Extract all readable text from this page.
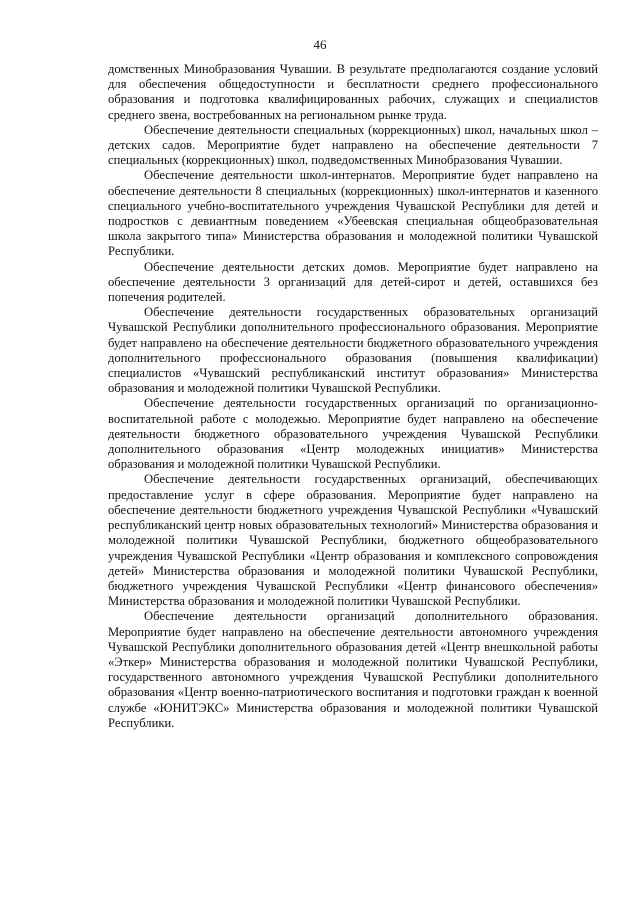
46

домственных Минобразования Чувашии. В результате предполагаются создание условий для обеспечения общедоступности и бесплатности среднего профессионального образования и подготовка квалифицированных рабочих, служащих и специалистов среднего звена, востребованных на региональном рынке труда.

Обеспечение деятельности специальных (коррекционных) школ, начальных школ – детских садов. Мероприятие будет направлено на обеспечение деятельности 7 специальных (коррекционных) школ, подведомственных Минобразования Чувашии.

Обеспечение деятельности школ-интернатов. Мероприятие будет направлено на обеспечение деятельности 8 специальных (коррекционных) школ-интернатов и казенного специального учебно-воспитательного учреждения Чувашской Республики для детей и подростков с девиантным поведением «Убеевская специальная общеобразовательная школа закрытого типа» Министерства образования и молодежной политики Чувашской Республики.

Обеспечение деятельности детских домов. Мероприятие будет направлено на обеспечение деятельности 3 организаций для детей-сирот и детей, оставшихся без попечения родителей.

Обеспечение деятельности государственных образовательных организаций Чувашской Республики дополнительного профессионального образования. Мероприятие будет направлено на обеспечение деятельности бюджетного образовательного учреждения дополнительного профессионального образования (повышения квалификации) специалистов «Чувашский республиканский институт образования» Министерства образования и молодежной политики Чувашской Республики.

Обеспечение деятельности государственных организаций по организационно-воспитательной работе с молодежью. Мероприятие будет направлено на обеспечение деятельности бюджетного образовательного учреждения Чувашской Республики дополнительного образования «Центр молодежных инициатив» Министерства образования и молодежной политики Чувашской Республики.

Обеспечение деятельности государственных организаций, обеспечивающих предоставление услуг в сфере образования. Мероприятие будет направлено на обеспечение деятельности бюджетного учреждения Чувашской Республики «Чувашский республиканский центр новых образовательных технологий» Министерства образования и молодежной политики Чувашской Республики, бюджетного общеобразовательного учреждения Чувашской Республики «Центр образования и комплексного сопровождения детей» Министерства образования и молодежной политики Чувашской Республики, бюджетного учреждения Чувашской Республики «Центр финансового обеспечения» Министерства образования и молодежной политики Чувашской Республики.

Обеспечение деятельности организаций дополнительного образования. Мероприятие будет направлено на обеспечение деятельности автономного учреждения Чувашской Республики дополнительного образования детей «Центр внешкольной работы «Эткер» Министерства образования и молодежной политики Чувашской Республики, государственного автономного учреждения Чувашской Республики дополнительного образования «Центр военно-патриотического воспитания и подготовки граждан к военной службе «ЮНИТЭКС» Министерства образования и молодежной политики Чувашской Республики.
